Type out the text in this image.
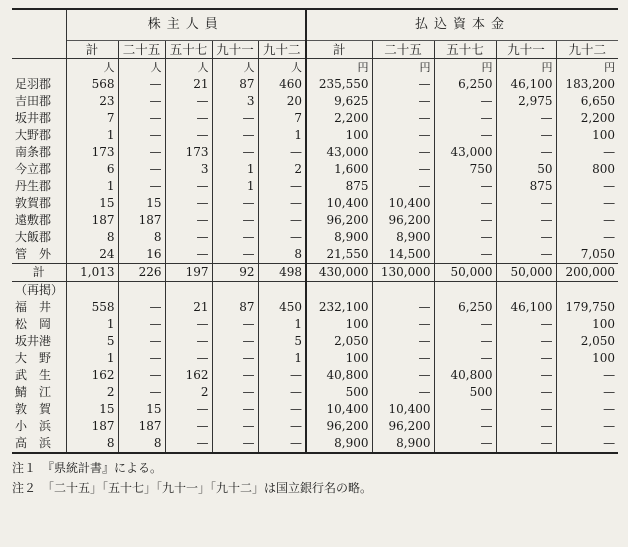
	株主人員					払込資本金				
	計	二十五	五十七	九十一	九十二	計	二十五	五十七	九十一	九十二
	人	人	人	人	人	円	円	円	円	円
足羽郡	568	—	21	87	460	235,550	—	6,250	46,100	183,200
吉田郡	23	—	—	3	20	9,625	—	—	2,975	6,650
坂井郡	7	—	—	—	7	2,200	—	—	—	2,200
大野郡	1	—	—	—	1	100	—	—	—	100
南条郡	173	—	173	—	—	43,000	—	43,000	—	—
今立郡	6	—	3	1	2	1,600	—	750	50	800
丹生郡	1	—	—	1	—	875	—	—	875	—
敦賀郡	15	15	—	—	—	10,400	10,400	—	—	—
遠敷郡	187	187	—	—	—	96,200	96,200	—	—	—
大飯郡	8	8	—	—	—	8,900	8,900	—	—	—
管　外	24	16	—	—	8	21,550	14,500	—	—	7,050
計	1,013	226	197	92	498	430,000	130,000	50,000	50,000	200,000
（再掲）										
福　井	558	—	21	87	450	232,100	—	6,250	46,100	179,750
松　岡	1	—	—	—	1	100	—	—	—	100
坂井港	5	—	—	—	5	2,050	—	—	—	2,050
大　野	1	—	—	—	1	100	—	—	—	100
武　生	162	—	162	—	—	40,800	—	40,800	—	—
鯖　江	2	—	2	—	—	500	—	500	—	—
敦　賀	15	15	—	—	—	10,400	10,400	—	—	—
小　浜	187	187	—	—	—	96,200	96,200	—	—	—
高　浜	8	8	—	—	—	8,900	8,900	—	—	—
注１　『県統計書』による。
注２　「二十五」「五十七」「九十一」「九十二」は国立銀行名の略。
